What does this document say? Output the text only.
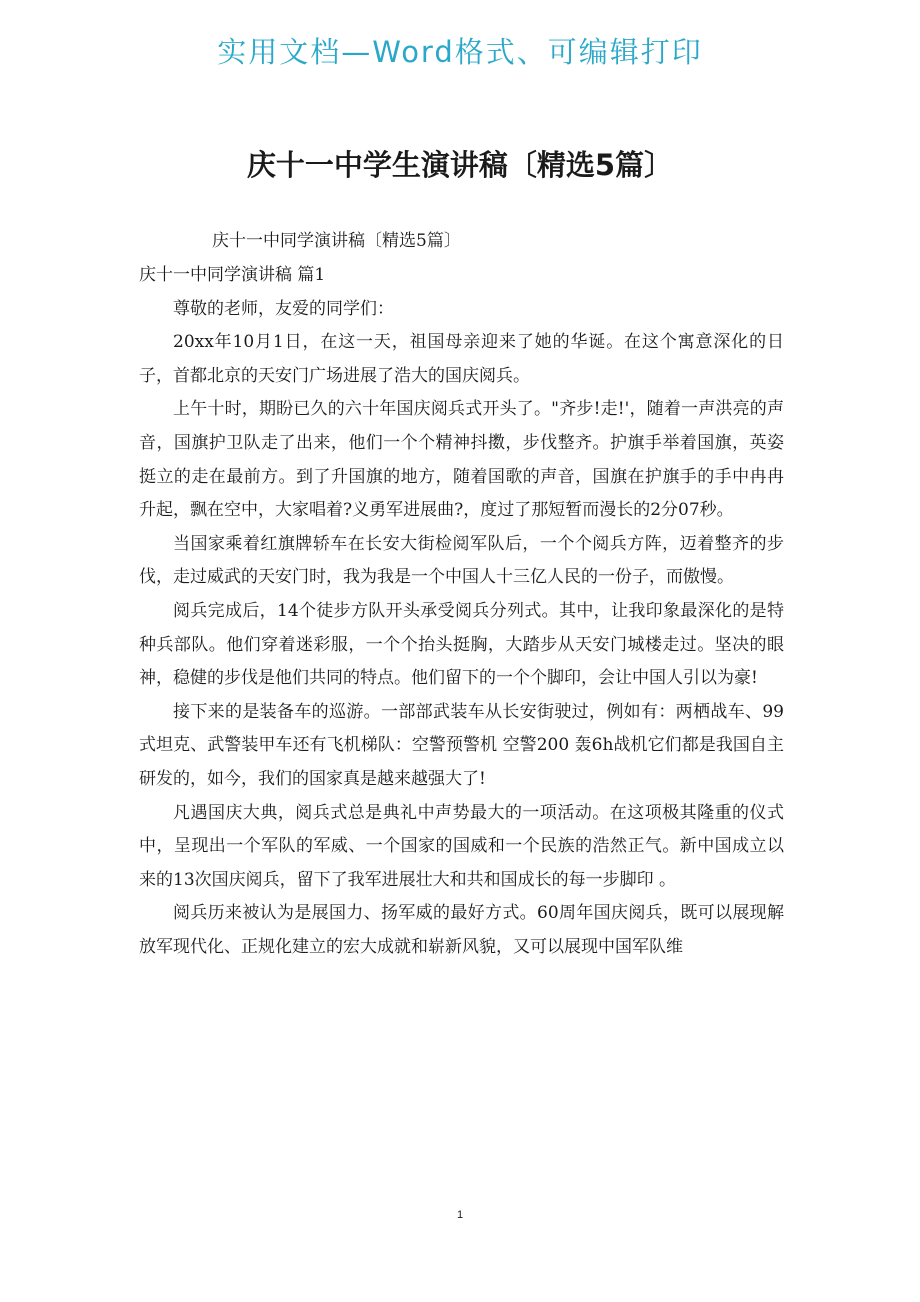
实用文档—Word格式、可编辑打印
庆十一中学生演讲稿〔精选5篇〕
庆十一中同学演讲稿〔精选5篇〕

庆十一中同学演讲稿 篇1

尊敬的老师，友爱的同学们：

20xx年10月1日，在这一天，祖国母亲迎来了她的华诞。在这个寓意深化的日子，首都北京的天安门广场进展了浩大的国庆阅兵。

上午十时，期盼已久的六十年国庆阅兵式开头了。"齐步!走!'，随着一声洪亮的声音，国旗护卫队走了出来，他们一个个精神抖擞，步伐整齐。护旗手举着国旗，英姿挺立的走在最前方。到了升国旗的地方，随着国歌的声音，国旗在护旗手的手中冉冉升起，飘在空中，大家唱着?义勇军进展曲?，度过了那短暂而漫长的2分07秒。

当国家乘着红旗牌轿车在长安大街检阅军队后，一个个阅兵方阵，迈着整齐的步伐，走过威武的天安门时，我为我是一个中国人十三亿人民的一份子，而傲慢。

阅兵完成后，14个徒步方队开头承受阅兵分列式。其中，让我印象最深化的是特种兵部队。他们穿着迷彩服，一个个抬头挺胸，大踏步从天安门城楼走过。坚决的眼神，稳健的步伐是他们共同的特点。他们留下的一个个脚印，会让中国人引以为豪!

接下来的是装备车的巡游。一部部武装车从长安街驶过，例如有：两栖战车、99式坦克、武警装甲车还有飞机梯队：空警预警机 空警200 轰6h战机它们都是我国自主研发的，如今，我们的国家真是越来越强大了!

凡遇国庆大典，阅兵式总是典礼中声势最大的一项活动。在这项极其隆重的仪式中，呈现出一个军队的军威、一个国家的国威和一个民族的浩然正气。新中国成立以来的13次国庆阅兵，留下了我军进展壮大和共和国成长的每一步脚印 。

阅兵历来被认为是展国力、扬军威的最好方式。60周年国庆阅兵，既可以展现解放军现代化、正规化建立的宏大成就和崭新风貌，又可以展现中国军队维

1
